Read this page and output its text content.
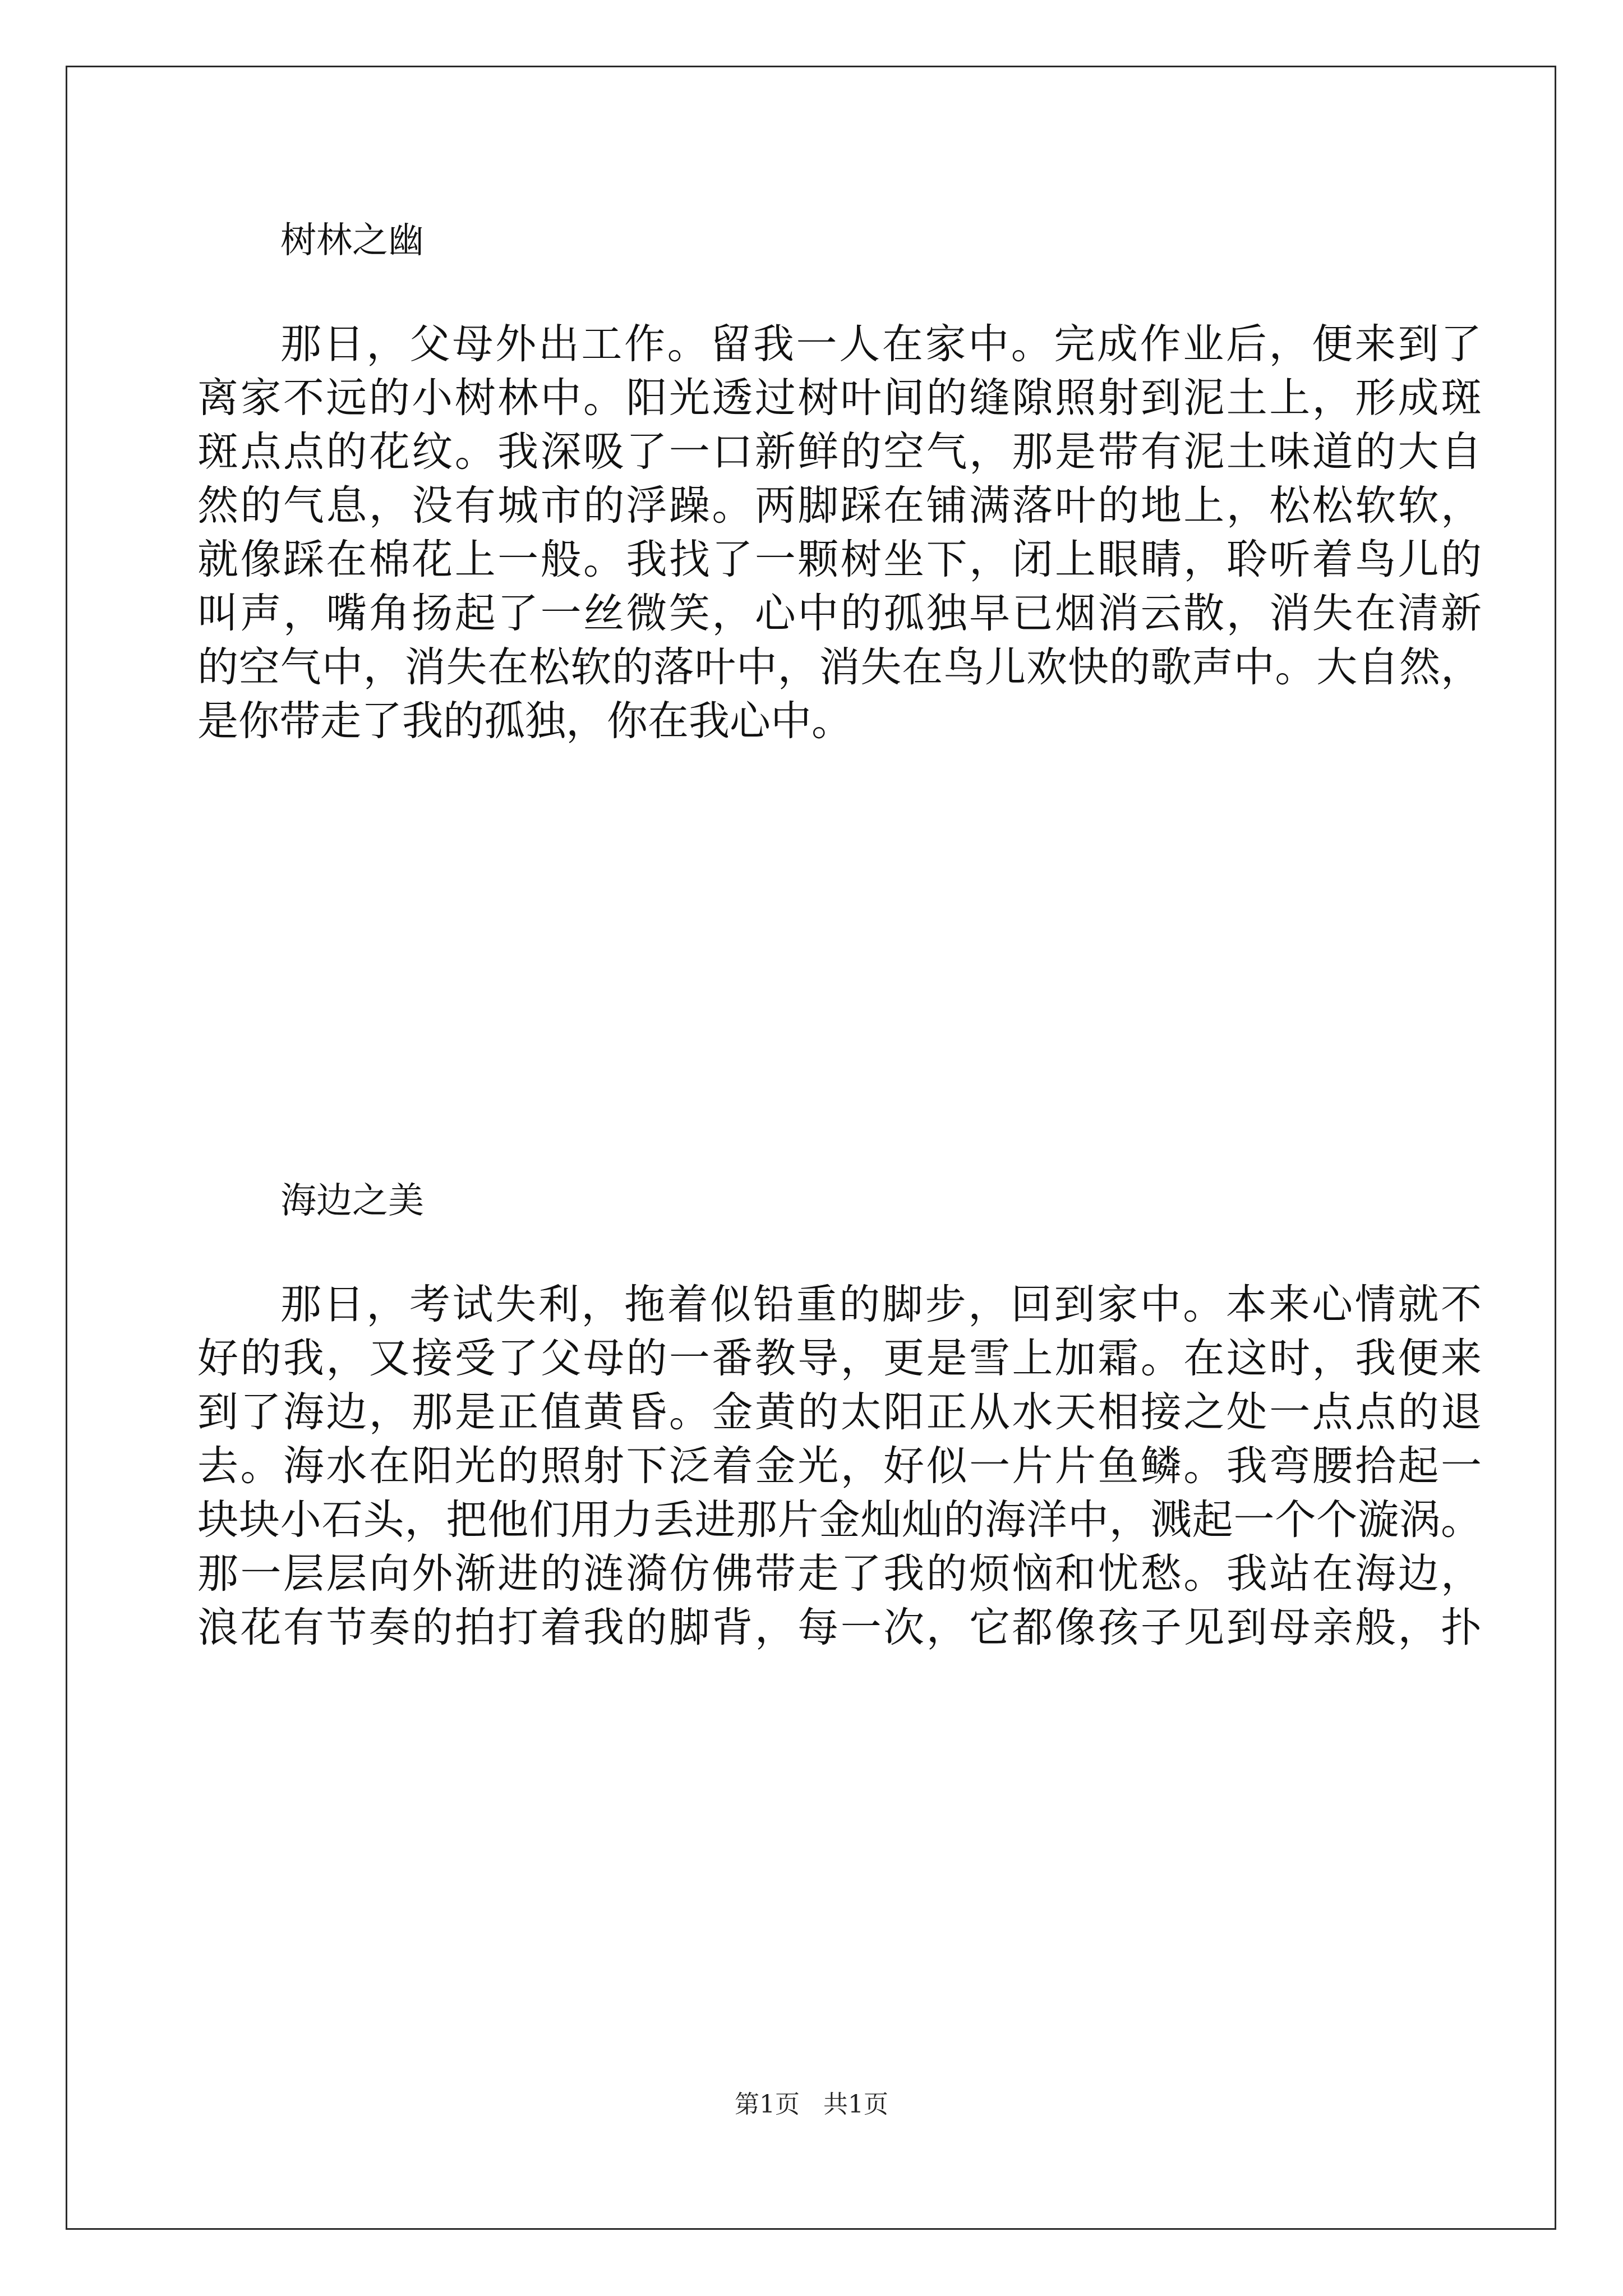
树林之幽
那日，父母外出工作。留我一人在家中。完成作业后，便来到了
离家不远的小树林中。阳光透过树叶间的缝隙照射到泥土上，形成斑
斑点点的花纹。我深吸了一口新鲜的空气，那是带有泥土味道的大自
然的气息，没有城市的浮躁。两脚踩在铺满落叶的地上，松松软软，
就像踩在棉花上一般。我找了一颗树坐下，闭上眼睛，聆听着鸟儿的
叫声，嘴角扬起了一丝微笑，心中的孤独早已烟消云散，消失在清新
的空气中，消失在松软的落叶中，消失在鸟儿欢快的歌声中。大自然，
是你带走了我的孤独，你在我心中。
海边之美
那日，考试失利，拖着似铅重的脚步，回到家中。本来心情就不
好的我，又接受了父母的一番教导，更是雪上加霜。在这时，我便来
到了海边，那是正值黄昏。金黄的太阳正从水天相接之处一点点的退
去。海水在阳光的照射下泛着金光，好似一片片鱼鳞。我弯腰拾起一
块块小石头，把他们用力丢进那片金灿灿的海洋中，溅起一个个漩涡。
那一层层向外渐进的涟漪仿佛带走了我的烦恼和忧愁。我站在海边，
浪花有节奏的拍打着我的脚背，每一次，它都像孩子见到母亲般，扑
第1页   共1页
